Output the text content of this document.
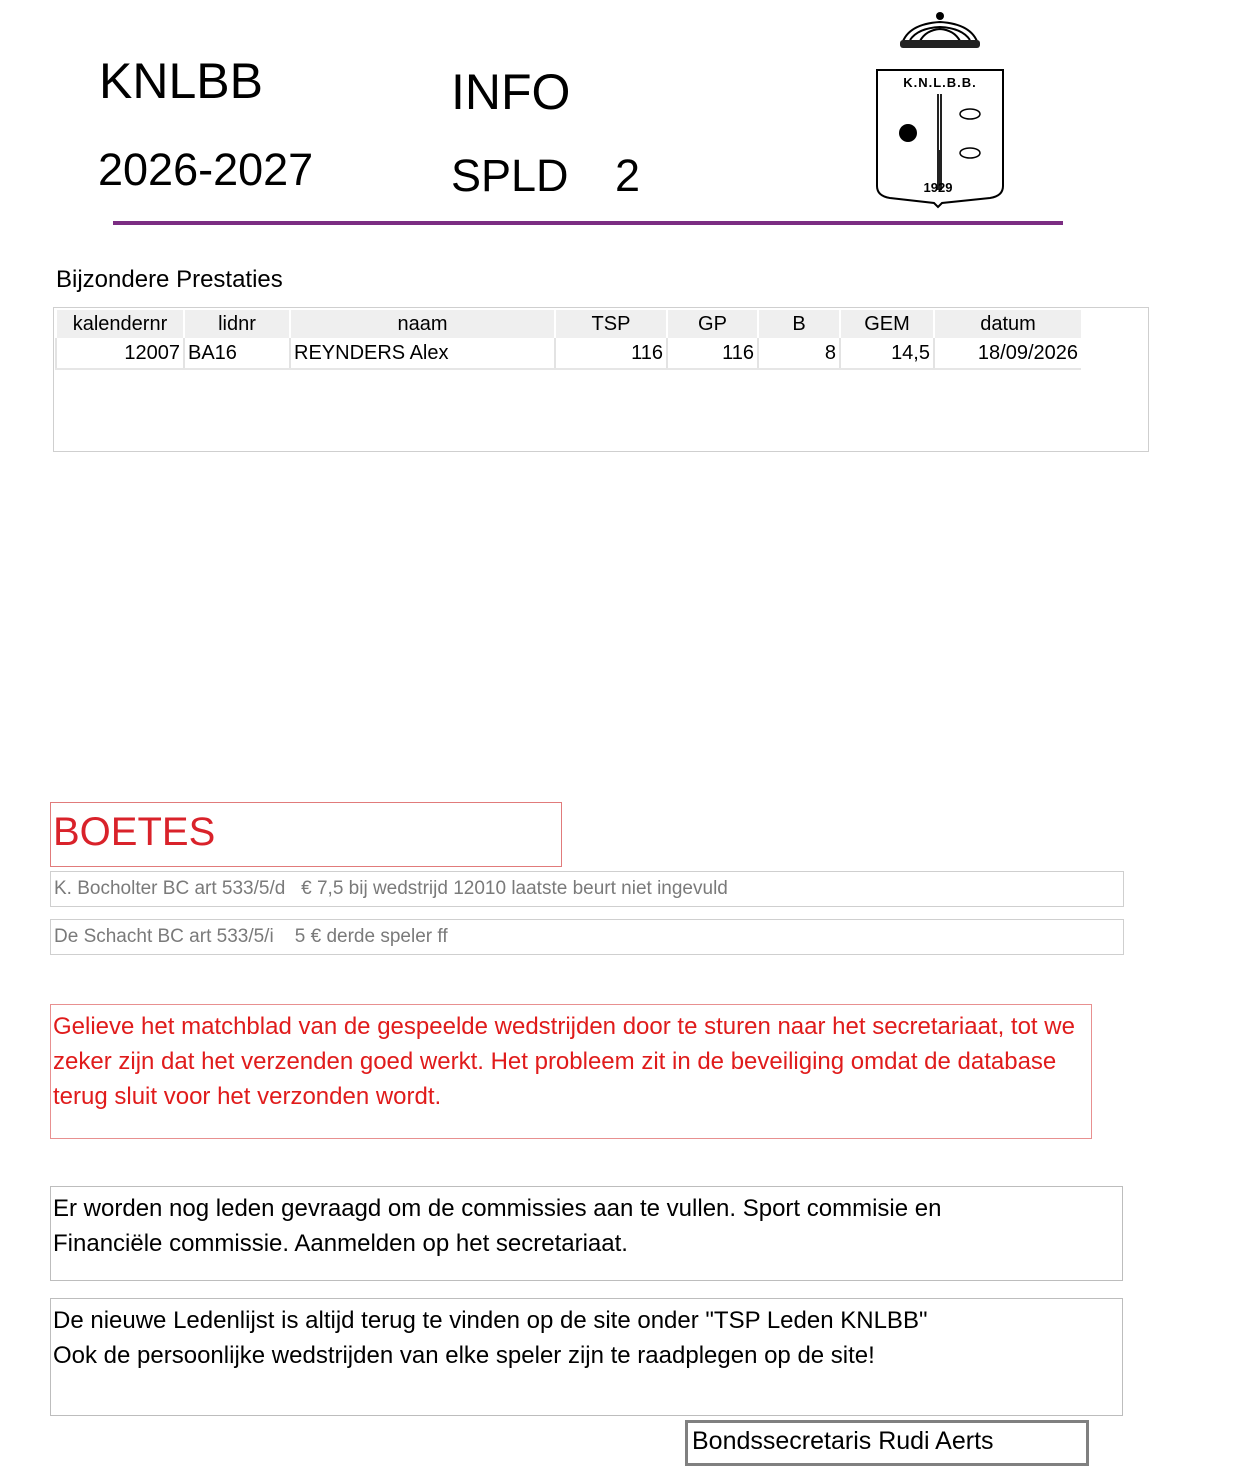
KNLBB
2026-2027
INFO
SPLD 2
K.N.L.B.B.
1929
Bijzondere Prestaties
kalendernr	lidnr	naam	TSP	GP	B	GEM	datum
12007	BA16	REYNDERS Alex	116	116	8	14,5	18/09/2026
BOETES
K. Bocholter BC art 533/5/d   € 7,5 bij wedstrijd 12010 laatste beurt niet ingevuld
De Schacht BC art 533/5/i    5 € derde speler ff
Gelieve het matchblad van de gespeelde wedstrijden door te sturen naar het secretariaat, tot we zeker zijn dat het verzenden goed werkt. Het probleem zit in de beveiliging omdat de database terug sluit voor het verzonden wordt.
Er worden nog leden gevraagd om de commissies aan te vullen. Sport commisie en
Financiële commissie. Aanmelden op het secretariaat.
De nieuwe Ledenlijst is altijd terug te vinden op de site onder "TSP Leden KNLBB"
Ook de persoonlijke wedstrijden van elke speler zijn te raadplegen op de site!
Bondssecretaris Rudi Aerts
